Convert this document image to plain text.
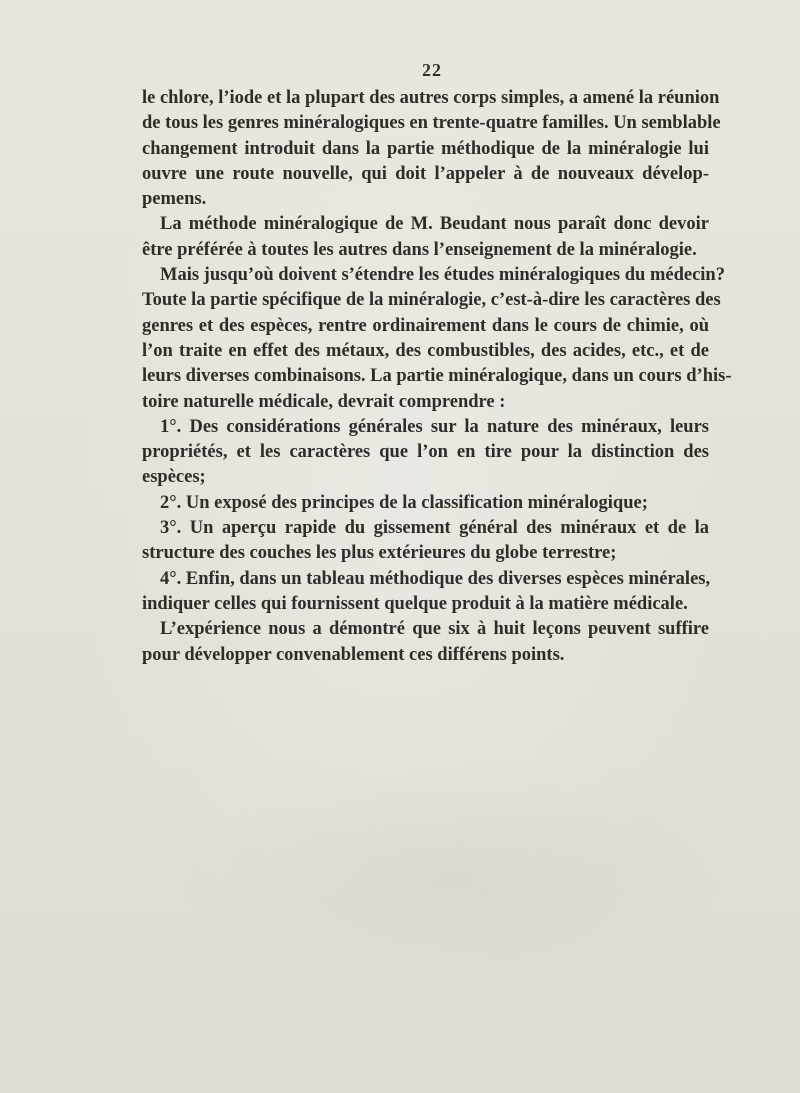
22
le chlore, l’iode et la plupart des autres corps simples, a amené la réunion
de tous les genres minéralogiques en trente-quatre familles. Un semblable
changement introduit dans la partie méthodique de la minéralogie lui
ouvre une route nouvelle, qui doit l’appeler à de nouveaux dévelop-
pemens.
La méthode minéralogique de M. Beudant nous paraît donc devoir
être préférée à toutes les autres dans l’enseignement de la minéralogie.
Mais jusqu’où doivent s’étendre les études minéralogiques du médecin?
Toute la partie spécifique de la minéralogie, c’est-à-dire les caractères des
genres et des espèces, rentre ordinairement dans le cours de chimie, où
l’on traite en effet des métaux, des combustibles, des acides, etc., et de
leurs diverses combinaisons. La partie minéralogique, dans un cours d’his-
toire naturelle médicale, devrait comprendre :
1°. Des considérations générales sur la nature des minéraux, leurs
propriétés, et les caractères que l’on en tire pour la distinction des
espèces;
2°. Un exposé des principes de la classification minéralogique;
3°. Un aperçu rapide du gissement général des minéraux et de la
structure des couches les plus extérieures du globe terrestre;
4°. Enfin, dans un tableau méthodique des diverses espèces minérales,
indiquer celles qui fournissent quelque produit à la matière médicale.
L’expérience nous a démontré que six à huit leçons peuvent suffire
pour développer convenablement ces différens points.
